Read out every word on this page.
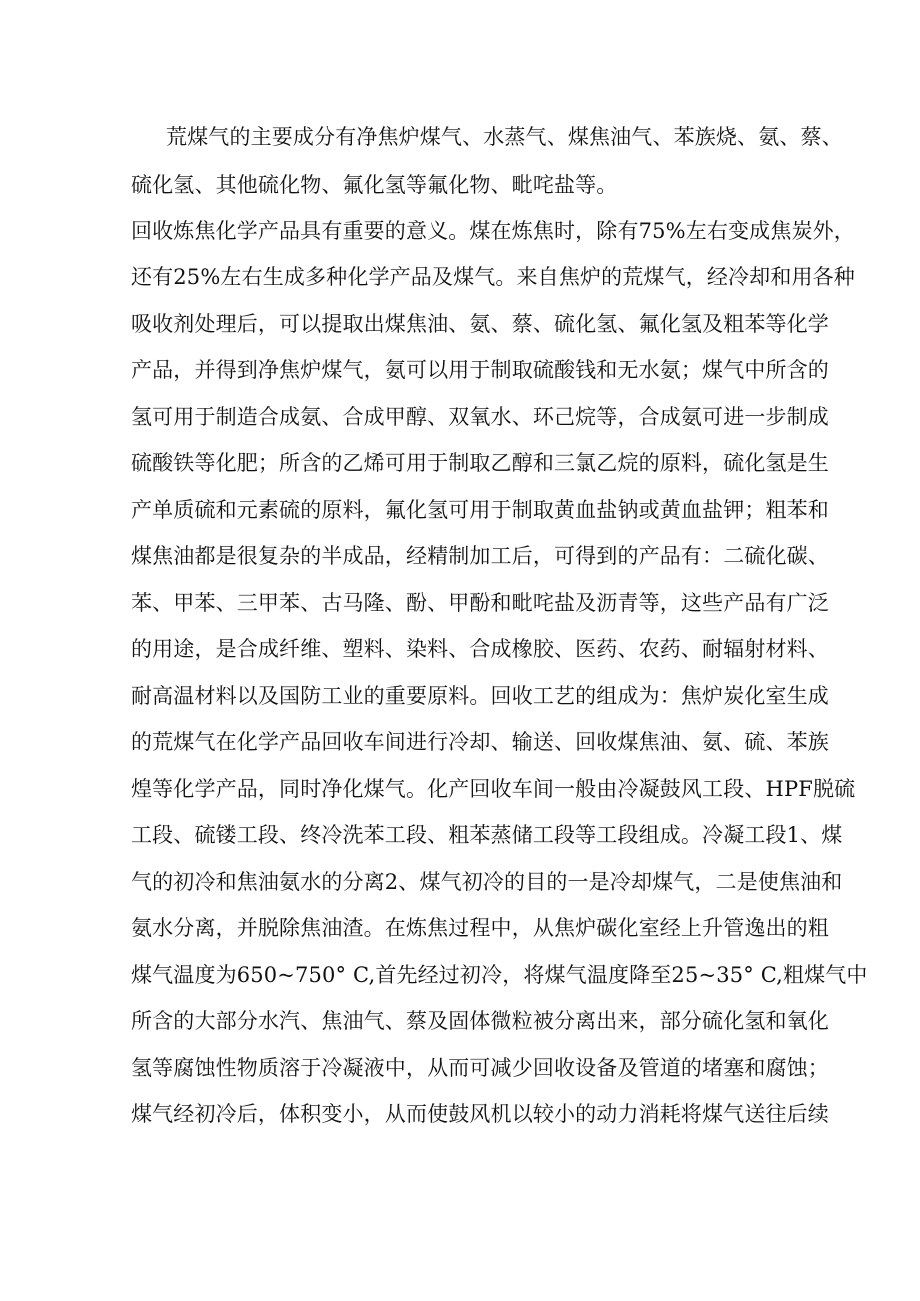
荒煤气的主要成分有净焦炉煤气、水蒸气、煤焦油气、苯族烧、氨、蔡、
硫化氢、其他硫化物、氟化氢等氟化物、毗咤盐等。
回收炼焦化学产品具有重要的意义。煤在炼焦时，除有75%左右变成焦炭外，
还有25%左右生成多种化学产品及煤气。来自焦炉的荒煤气，经冷却和用各种
吸收剂处理后，可以提取出煤焦油、氨、蔡、硫化氢、氟化氢及粗苯等化学
产品，并得到净焦炉煤气，氨可以用于制取硫酸钱和无水氨；煤气中所含的
氢可用于制造合成氨、合成甲醇、双氧水、环己烷等，合成氨可进一步制成
硫酸铁等化肥；所含的乙烯可用于制取乙醇和三氯乙烷的原料，硫化氢是生
产单质硫和元素硫的原料，氟化氢可用于制取黄血盐钠或黄血盐钾；粗苯和
煤焦油都是很复杂的半成品，经精制加工后，可得到的产品有：二硫化碳、
苯、甲苯、三甲苯、古马隆、酚、甲酚和毗咤盐及沥青等，这些产品有广泛
的用途，是合成纤维、塑料、染料、合成橡胶、医药、农药、耐辐射材料、
耐高温材料以及国防工业的重要原料。回收工艺的组成为：焦炉炭化室生成
的荒煤气在化学产品回收车间进行冷却、输送、回收煤焦油、氨、硫、苯族
煌等化学产品，同时净化煤气。化产回收车间一般由冷凝鼓风工段、HPF脱硫
工段、硫镂工段、终冷洗苯工段、粗苯蒸储工段等工段组成。冷凝工段1、煤
气的初冷和焦油氨水的分离2、煤气初冷的目的一是冷却煤气，二是使焦油和
氨水分离，并脱除焦油渣。在炼焦过程中，从焦炉碳化室经上升管逸出的粗
煤气温度为650~750° C,首先经过初冷，将煤气温度降至25~35° C,粗煤气中
所含的大部分水汽、焦油气、蔡及固体微粒被分离出来，部分硫化氢和氧化
氢等腐蚀性物质溶于冷凝液中，从而可减少回收设备及管道的堵塞和腐蚀；
煤气经初冷后，体积变小，从而使鼓风机以较小的动力消耗将煤气送往后续
